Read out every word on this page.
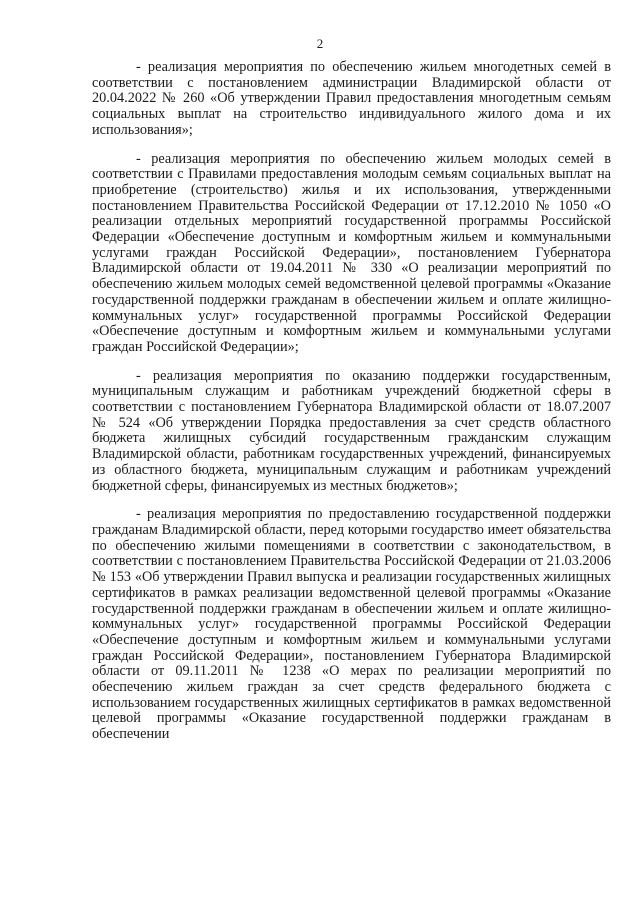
2

- реализация мероприятия по обеспечению жильем многодетных семей в соответствии с постановлением администрации Владимирской области от 20.04.2022 № 260 «Об утверждении Правил предоставления многодетным семьям социальных выплат на строительство индивидуального жилого дома и их использования»;

- реализация мероприятия по обеспечению жильем молодых семей в соответствии с Правилами предоставления молодым семьям социальных выплат на приобретение (строительство) жилья и их использования, утвержденными постановлением Правительства Российской Федерации от 17.12.2010 № 1050 «О реализации отдельных мероприятий государственной программы Российской Федерации «Обеспечение доступным и комфортным жильем и коммунальными услугами граждан Российской Федерации», постановлением Губернатора Владимирской области от 19.04.2011 № 330 «О реализации мероприятий по обеспечению жильем молодых семей ведомственной целевой программы «Оказание государственной поддержки гражданам в обеспечении жильем и оплате жилищно-коммунальных услуг» государственной программы Российской Федерации «Обеспечение доступным и комфортным жильем и коммунальными услугами граждан Российской Федерации»;

- реализация мероприятия по оказанию поддержки государственным, муниципальным служащим и работникам учреждений бюджетной сферы в соответствии с постановлением Губернатора Владимирской области от 18.07.2007 № 524 «Об утверждении Порядка предоставления за счет средств областного бюджета жилищных субсидий государственным гражданским служащим Владимирской области, работникам государственных учреждений, финансируемых из областного бюджета, муниципальным служащим и работникам учреждений бюджетной сферы, финансируемых из местных бюджетов»;

- реализация мероприятия по предоставлению государственной поддержки гражданам Владимирской области, перед которыми государство имеет обязательства по обеспечению жилыми помещениями в соответствии с законодательством, в соответствии с постановлением Правительства Российской Федерации от 21.03.2006 № 153 «Об утверждении Правил выпуска и реализации государственных жилищных сертификатов в рамках реализации ведомственной целевой программы «Оказание государственной поддержки гражданам в обеспечении жильем и оплате жилищно-коммунальных услуг» государственной программы Российской Федерации «Обеспечение доступным и комфортным жильем и коммунальными услугами граждан Российской Федерации», постановлением Губернатора Владимирской области от 09.11.2011 № 1238 «О мерах по реализации мероприятий по обеспечению жильем граждан за счет средств федерального бюджета с использованием государственных жилищных сертификатов в рамках ведомственной целевой программы «Оказание государственной поддержки гражданам в обеспечении
